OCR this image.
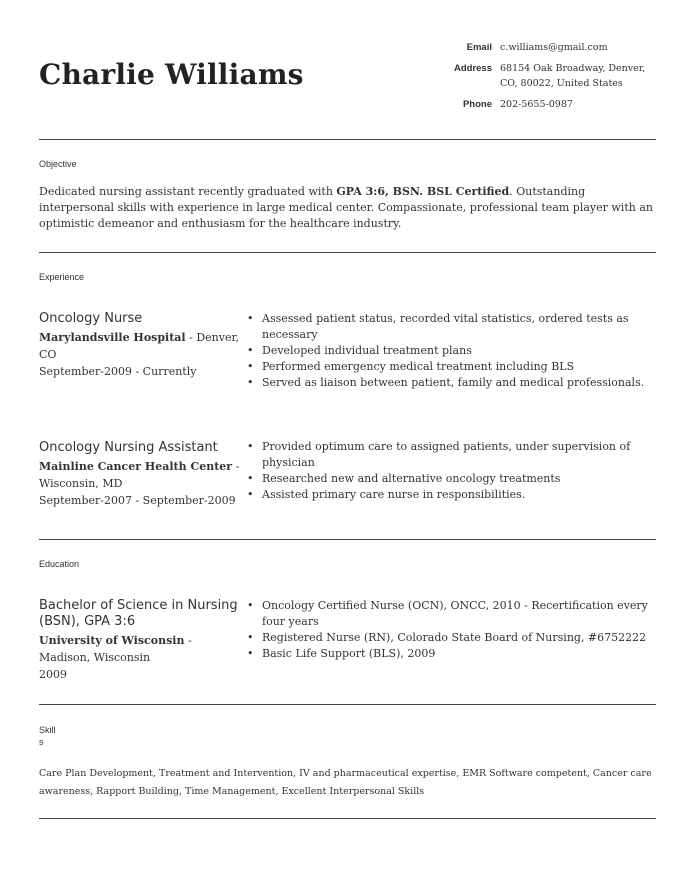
Charlie Williams
Email c.williams@gmail.com
Address 68154 Oak Broadway, Denver,
CO, 80022, United States
Phone 202-5655-0987
Objective
Dedicated nursing assistant recently graduated with GPA 3:6, BSN. BSL Certified. Outstanding interpersonal skills with experience in large medical center. Compassionate, professional team player with an optimistic demeanor and enthusiasm for the healthcare industry.
Experience
Oncology Nurse
Marylandsville Hospital - Denver, CO
September-2009 - Currently
• Assessed patient status, recorded vital statistics, ordered tests as necessary
• Developed individual treatment plans
• Performed emergency medical treatment including BLS
• Served as liaison between patient, family and medical professionals.
Oncology Nursing Assistant
Mainline Cancer Health Center - Wisconsin, MD
September-2007 - September-2009
• Provided optimum care to assigned patients, under supervision of physician
• Researched new and alternative oncology treatments
• Assisted primary care nurse in responsibilities.
Education
Bachelor of Science in Nursing (BSN), GPA 3:6
University of Wisconsin - Madison, Wisconsin
2009
• Oncology Certified Nurse (OCN), ONCC, 2010 - Recertification every four years
• Registered Nurse (RN), Colorado State Board of Nursing, #6752222
• Basic Life Support (BLS), 2009
Skill
s
Care Plan Development, Treatment and Intervention, IV and pharmaceutical expertise, EMR Software competent, Cancer care awareness, Rapport Building, Time Management, Excellent Interpersonal Skills
